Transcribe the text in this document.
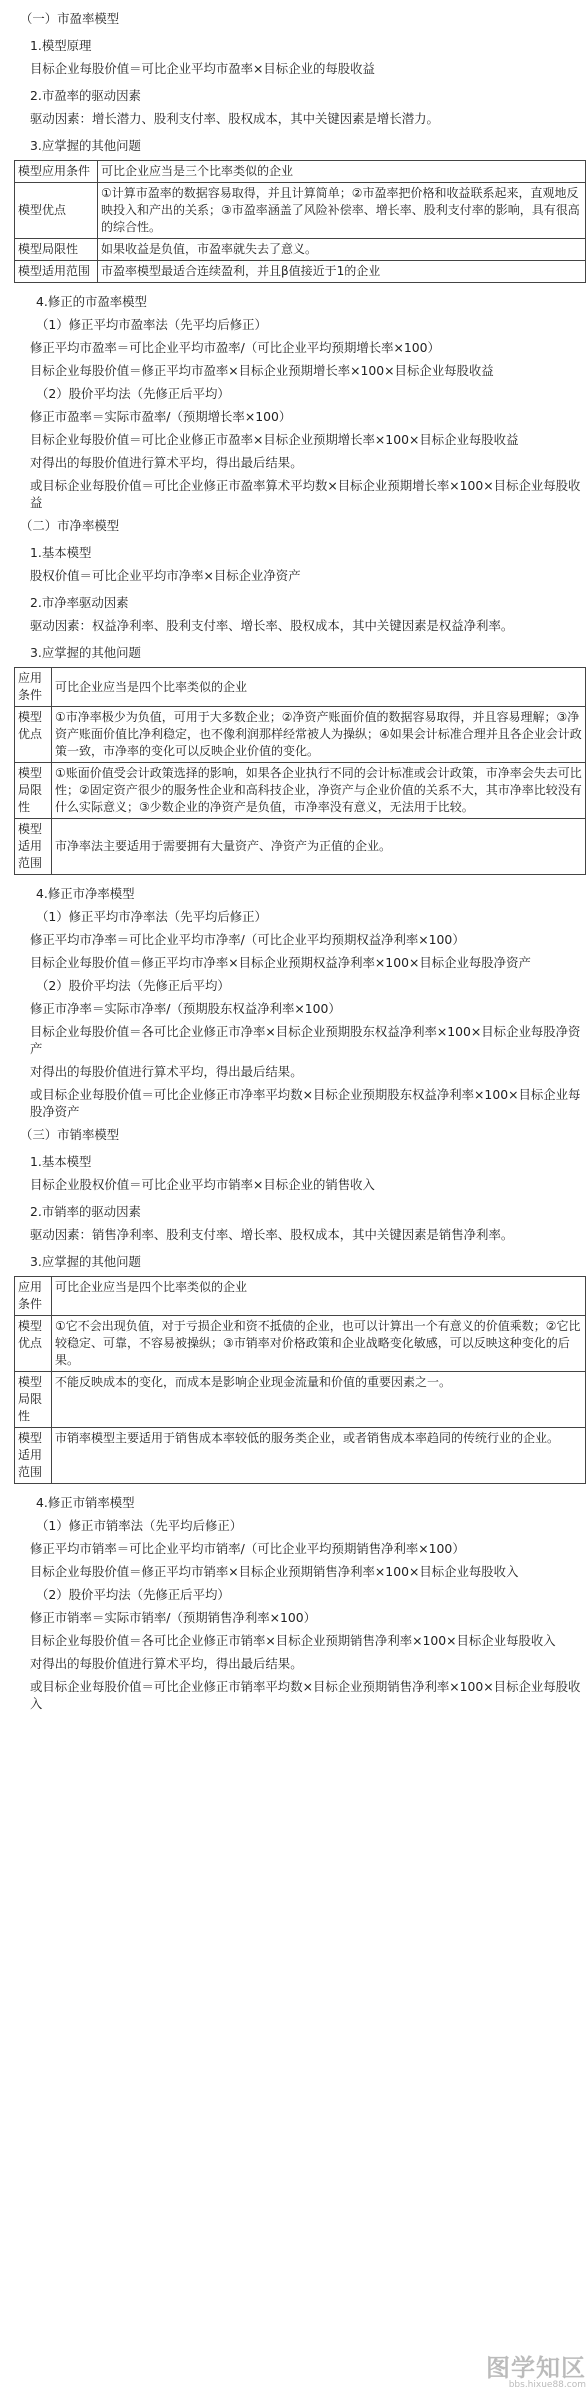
（一）市盈率模型

1.模型原理

目标企业每股价值＝可比企业平均市盈率×目标企业的每股收益

2.市盈率的驱动因素

驱动因素：增长潜力、股利支付率、股权成本，其中关键因素是增长潜力。

3.应掌握的其他问题

模型应用条件	可比企业应当是三个比率类似的企业
模型优点	①计算市盈率的数据容易取得，并且计算简单；②市盈率把价格和收益联系起来，直观地反映投入和产出的关系；③市盈率涵盖了风险补偿率、增长率、股利支付率的影响，具有很高的综合性。
模型局限性	如果收益是负值，市盈率就失去了意义。
模型适用范围	市盈率模型最适合连续盈利，并且β值接近于1的企业

4.修正的市盈率模型

（1）修正平均市盈率法（先平均后修正）

修正平均市盈率＝可比企业平均市盈率/（可比企业平均预期增长率×100）

目标企业每股价值＝修正平均市盈率×目标企业预期增长率×100×目标企业每股收益

（2）股价平均法（先修正后平均）

修正市盈率＝实际市盈率/（预期增长率×100）

目标企业每股价值＝可比企业修正市盈率×目标企业预期增长率×100×目标企业每股收益

对得出的每股价值进行算术平均，得出最后结果。

或目标企业每股价值＝可比企业修正市盈率算术平均数×目标企业预期增长率×100×目标企业每股收益

（二）市净率模型

1.基本模型

股权价值＝可比企业平均市净率×目标企业净资产

2.市净率驱动因素

驱动因素：权益净利率、股利支付率、增长率、股权成本，其中关键因素是权益净利率。

3.应掌握的其他问题

应用条件	可比企业应当是四个比率类似的企业
模型优点	①市净率极少为负值，可用于大多数企业；②净资产账面价值的数据容易取得，并且容易理解；③净资产账面价值比净利稳定，也不像利润那样经常被人为操纵；④如果会计标准合理并且各企业会计政策一致，市净率的变化可以反映企业价值的变化。
模型局限性	①账面价值受会计政策选择的影响，如果各企业执行不同的会计标准或会计政策，市净率会失去可比性；②固定资产很少的服务性企业和高科技企业，净资产与企业价值的关系不大，其市净率比较没有什么实际意义；③少数企业的净资产是负值，市净率没有意义，无法用于比较。
模型适用范围	市净率法主要适用于需要拥有大量资产、净资产为正值的企业。

4.修正市净率模型

（1）修正平均市净率法（先平均后修正）

修正平均市净率＝可比企业平均市净率/（可比企业平均预期权益净利率×100）

目标企业每股价值＝修正平均市净率×目标企业预期权益净利率×100×目标企业每股净资产

（2）股价平均法（先修正后平均）

修正市净率＝实际市净率/（预期股东权益净利率×100）

目标企业每股价值＝各可比企业修正市净率×目标企业预期股东权益净利率×100×目标企业每股净资产

对得出的每股价值进行算术平均，得出最后结果。

或目标企业每股价值＝可比企业修正市净率平均数×目标企业预期股东权益净利率×100×目标企业每股净资产

（三）市销率模型

1.基本模型

目标企业股权价值＝可比企业平均市销率×目标企业的销售收入

2.市销率的驱动因素

驱动因素：销售净利率、股利支付率、增长率、股权成本，其中关键因素是销售净利率。

3.应掌握的其他问题

应用条件	可比企业应当是四个比率类似的企业
模型优点	①它不会出现负值，对于亏损企业和资不抵债的企业，也可以计算出一个有意义的价值乘数；②它比较稳定、可靠，不容易被操纵；③市销率对价格政策和企业战略变化敏感，可以反映这种变化的后果。
模型局限性	不能反映成本的变化，而成本是影响企业现金流量和价值的重要因素之一。
模型适用范围	市销率模型主要适用于销售成本率较低的服务类企业，或者销售成本率趋同的传统行业的企业。

4.修正市销率模型

（1）修正市销率法（先平均后修正）

修正平均市销率＝可比企业平均市销率/（可比企业平均预期销售净利率×100）

目标企业每股价值＝修正平均市销率×目标企业预期销售净利率×100×目标企业每股收入

（2）股价平均法（先修正后平均）

修正市销率＝实际市销率/（预期销售净利率×100）

目标企业每股价值＝各可比企业修正市销率×目标企业预期销售净利率×100×目标企业每股收入

对得出的每股价值进行算术平均，得出最后结果。

或目标企业每股价值＝可比企业修正市销率平均数×目标企业预期销售净利率×100×目标企业每股收入

图学知区
bbs.hixue88.com
